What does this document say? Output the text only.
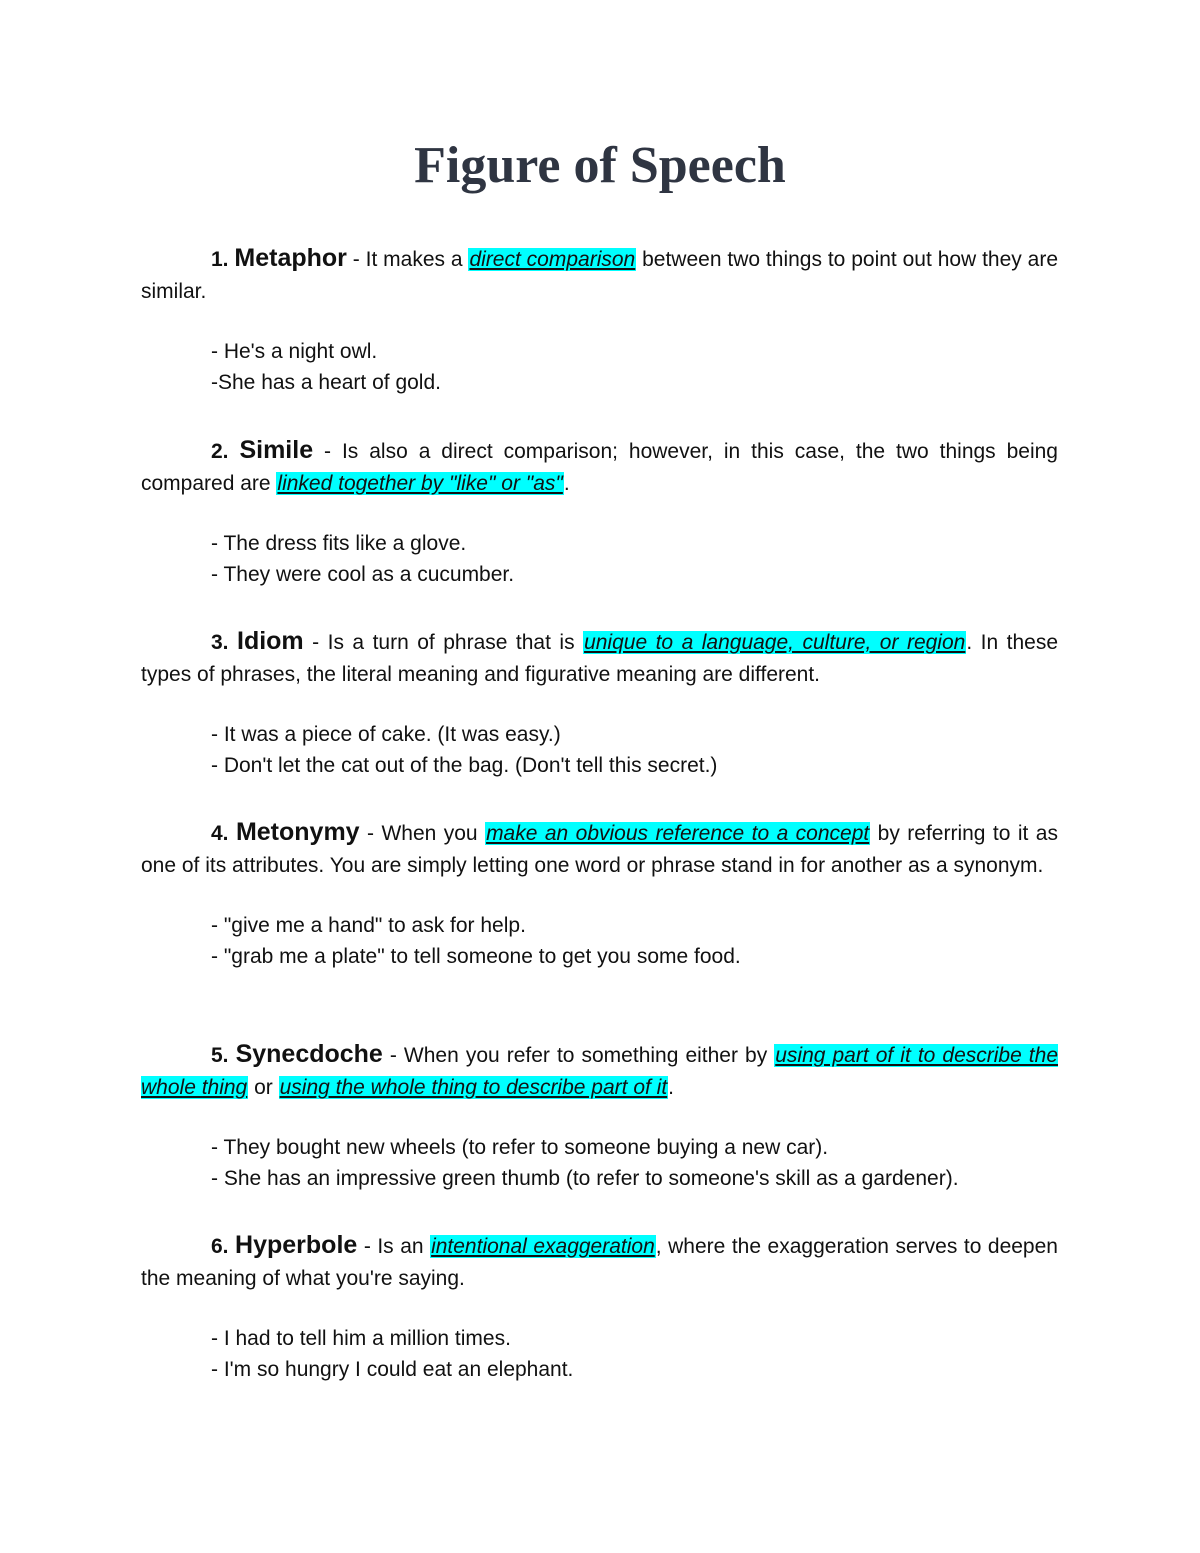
Figure of Speech

1. Metaphor - It makes a direct comparison between two things to point out how they are similar.

- He's a night owl.
-She has a heart of gold.

2. Simile - Is also a direct comparison; however, in this case, the two things being compared are linked together by "like" or "as".

- The dress fits like a glove.
- They were cool as a cucumber.

3. Idiom - Is a turn of phrase that is unique to a language, culture, or region. In these types of phrases, the literal meaning and figurative meaning are different.

- It was a piece of cake. (It was easy.)
- Don't let the cat out of the bag. (Don't tell this secret.)

4. Metonymy - When you make an obvious reference to a concept by referring to it as one of its attributes. You are simply letting one word or phrase stand in for another as a synonym.

- "give me a hand" to ask for help.
- "grab me a plate" to tell someone to get you some food.

5. Synecdoche - When you refer to something either by using part of it to describe the whole thing or using the whole thing to describe part of it.

- They bought new wheels (to refer to someone buying a new car).
- She has an impressive green thumb (to refer to someone's skill as a gardener).

6. Hyperbole - Is an intentional exaggeration, where the exaggeration serves to deepen the meaning of what you're saying.

- I had to tell him a million times.
- I'm so hungry I could eat an elephant.
